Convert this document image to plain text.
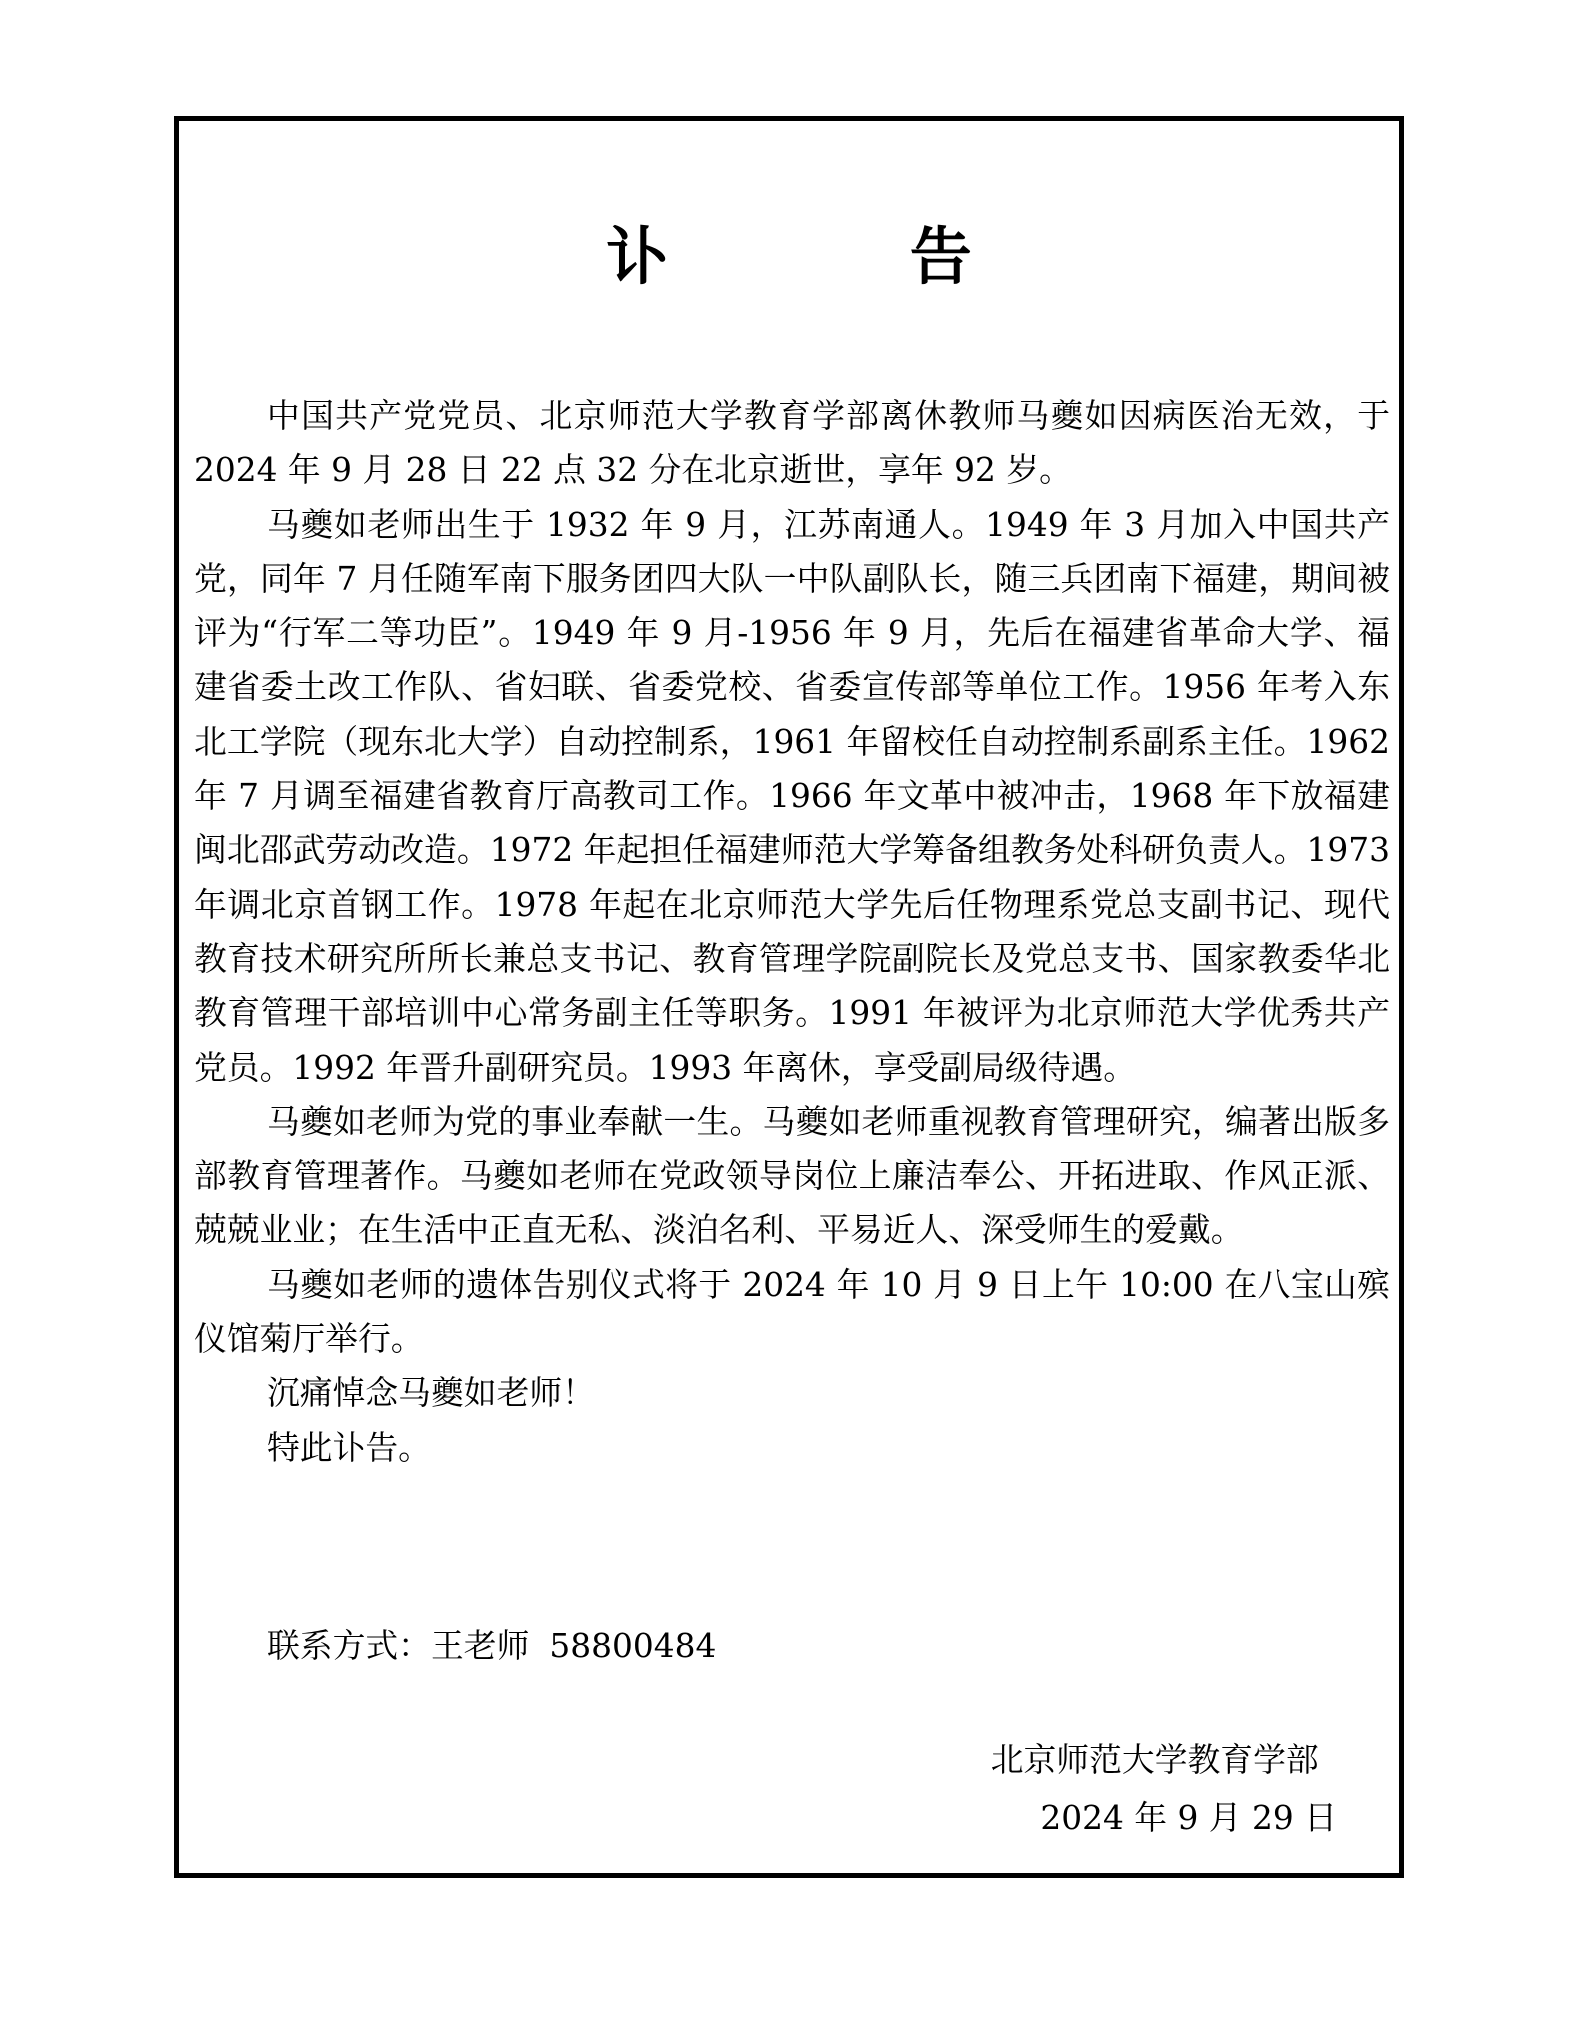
讣 告

中国共产党党员、北京师范大学教育学部离休教师马夔如因病医治无效，于 2024 年 9 月 28 日 22 点 32 分在北京逝世，享年 92 岁。

马夔如老师出生于 1932 年 9 月，江苏南通人。1949 年 3 月加入中国共产党，同年 7 月任随军南下服务团四大队一中队副队长，随三兵团南下福建，期间被评为“行军二等功臣”。1949 年 9 月-1956 年 9 月，先后在福建省革命大学、福建省委土改工作队、省妇联、省委党校、省委宣传部等单位工作。1956 年考入东北工学院（现东北大学）自动控制系，1961 年留校任自动控制系副系主任。1962 年 7 月调至福建省教育厅高教司工作。1966 年文革中被冲击，1968 年下放福建闽北邵武劳动改造。1972 年起担任福建师范大学筹备组教务处科研负责人。1973 年调北京首钢工作。1978 年起在北京师范大学先后任物理系党总支副书记、现代教育技术研究所所长兼总支书记、教育管理学院副院长及党总支书、国家教委华北教育管理干部培训中心常务副主任等职务。1991 年被评为北京师范大学优秀共产党员。1992 年晋升副研究员。1993 年离休，享受副局级待遇。

马夔如老师为党的事业奉献一生。马夔如老师重视教育管理研究，编著出版多部教育管理著作。马夔如老师在党政领导岗位上廉洁奉公、开拓进取、作风正派、兢兢业业；在生活中正直无私、淡泊名利、平易近人、深受师生的爱戴。

马夔如老师的遗体告别仪式将于 2024 年 10 月 9 日上午 10:00 在八宝山殡仪馆菊厅举行。

沉痛悼念马夔如老师！

特此讣告。

联系方式：王老师 58800484
北京师范大学教育学部
2024 年 9 月 29 日
